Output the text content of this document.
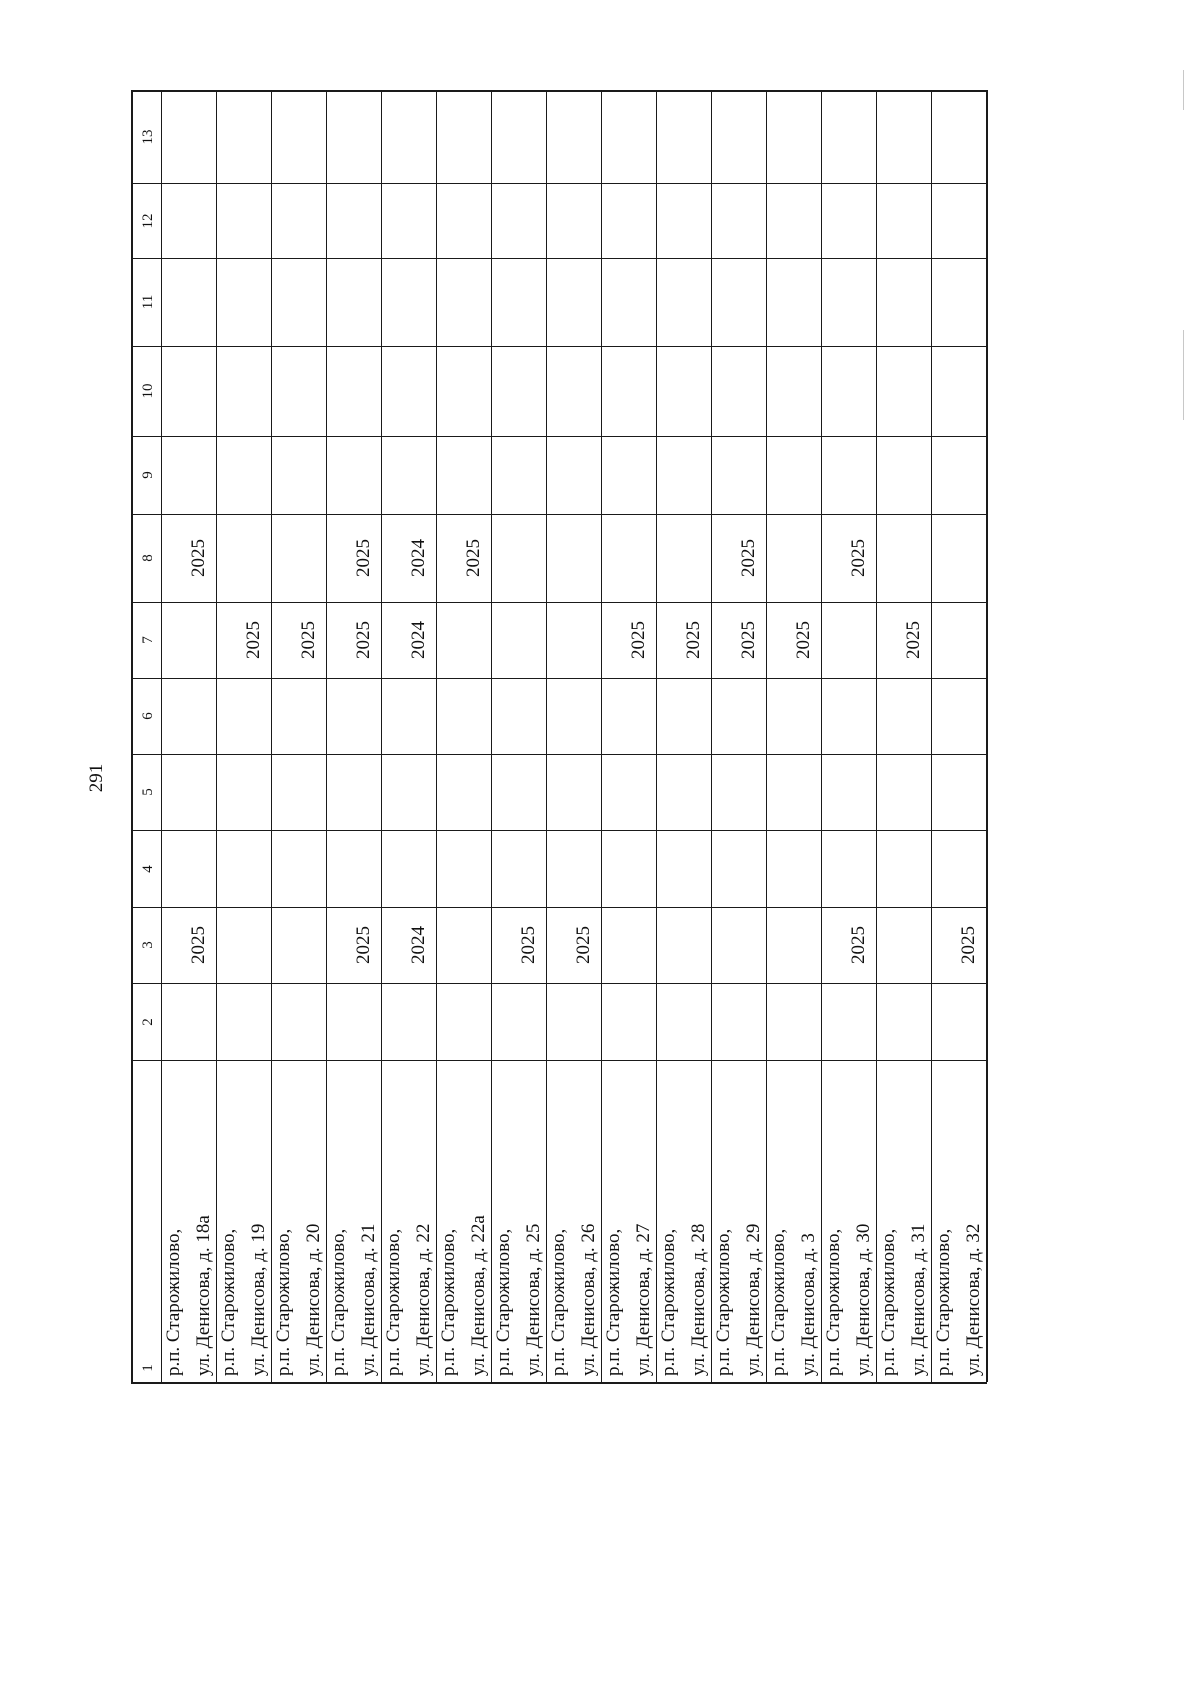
291
1
2
3
4
5
6
7
8
9
10
11
12
13
р.п. Старожилово,
ул. Денисова, д. 18а
2025
2025
р.п. Старожилово,
ул. Денисова, д. 19
2025
р.п. Старожилово,
ул. Денисова, д. 20
2025
р.п. Старожилово,
ул. Денисова, д. 21
2025
2025
2025
р.п. Старожилово,
ул. Денисова, д. 22
2024
2024
2024
р.п. Старожилово,
ул. Денисова, д. 22а
2025
р.п. Старожилово,
ул. Денисова, д. 25
2025
р.п. Старожилово,
ул. Денисова, д. 26
2025
р.п. Старожилово,
ул. Денисова, д. 27
2025
р.п. Старожилово,
ул. Денисова, д. 28
2025
р.п. Старожилово,
ул. Денисова, д. 29
2025
2025
р.п. Старожилово,
ул. Денисова, д. 3
2025
р.п. Старожилово,
ул. Денисова, д. 30
2025
2025
р.п. Старожилово,
ул. Денисова, д. 31
2025
р.п. Старожилово,
ул. Денисова, д. 32
2025
